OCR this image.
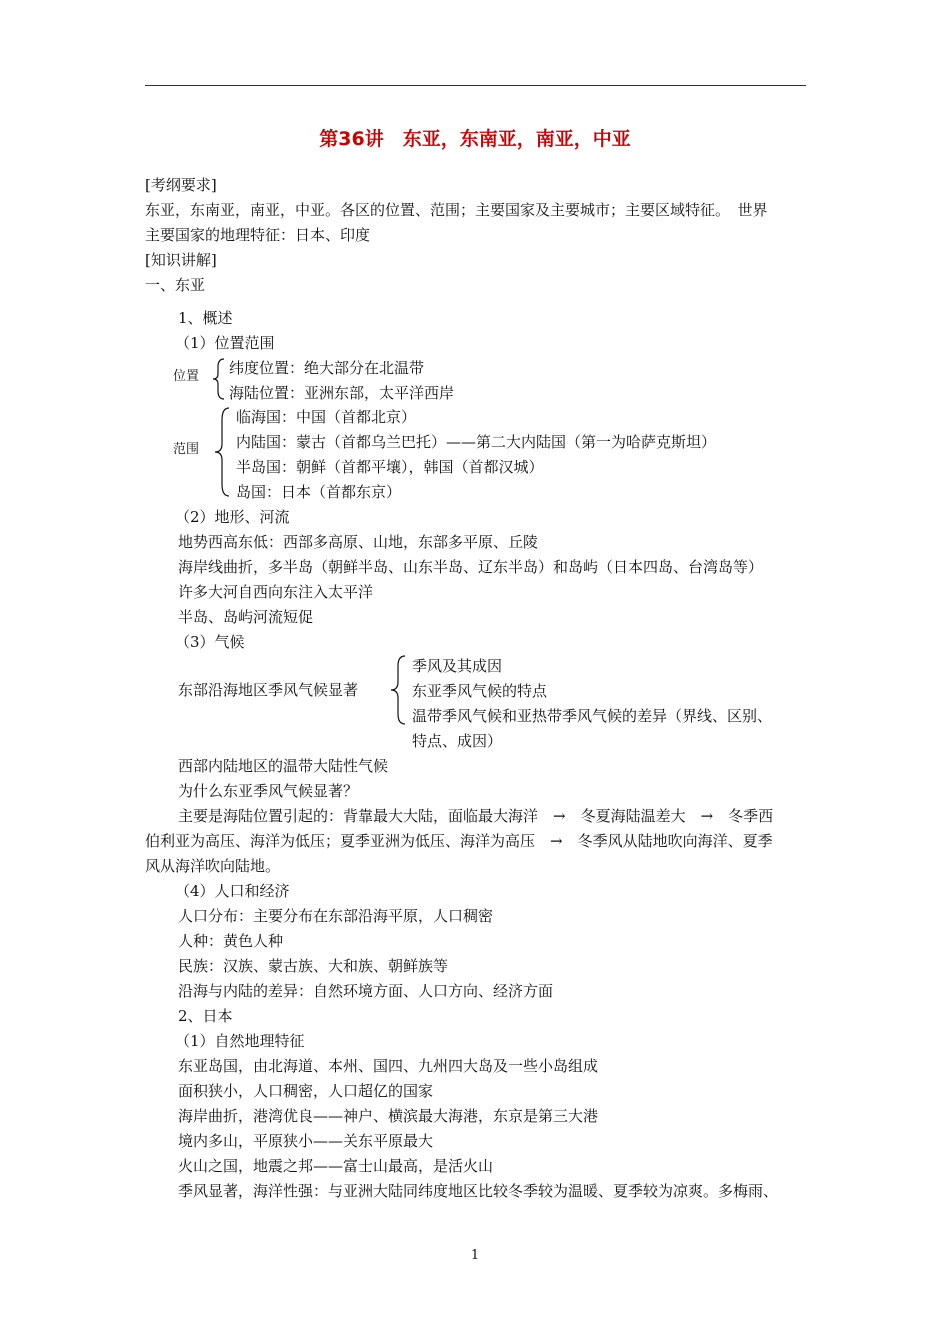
第36讲　东亚，东南亚，南亚，中亚
[考纲要求]
东亚，东南亚，南亚，中亚。各区的位置、范围；主要国家及主要城市；主要区域特征。　世界
主要国家的地理特征：日本、印度
[知识讲解]
一、东亚
1、概述
（1）位置范围
位置 纬度位置：绝大部分在北温带
海陆位置：亚洲东部，太平洋西岸
范围
临海国：中国（首都北京）
内陆国：蒙古（首都乌兰巴托）——第二大内陆国（第一为哈萨克斯坦）
半岛国：朝鲜（首都平壤），韩国（首都汉城）
岛国：日本（首都东京）
（2）地形、河流
地势西高东低：西部多高原、山地，东部多平原、丘陵
海岸线曲折，多半岛（朝鲜半岛、山东半岛、辽东半岛）和岛屿（日本四岛、台湾岛等）
许多大河自西向东注入太平洋
半岛、岛屿河流短促
（3）气候
东部沿海地区季风气候显著
季风及其成因
东亚季风气候的特点
温带季风气候和亚热带季风气候的差异（界线、区别、
特点、成因）
西部内陆地区的温带大陆性气候
为什么东亚季风气候显著？
主要是海陆位置引起的：背靠最大大陆，面临最大海洋　→　冬夏海陆温差大　→　冬季西
伯利亚为高压、海洋为低压；夏季亚洲为低压、海洋为高压　→　冬季风从陆地吹向海洋、夏季
风从海洋吹向陆地。
（4）人口和经济
人口分布：主要分布在东部沿海平原，人口稠密
人种：黄色人种
民族：汉族、蒙古族、大和族、朝鲜族等
沿海与内陆的差异：自然环境方面、人口方向、经济方面
2、日本
（1）自然地理特征
东亚岛国，由北海道、本州、国四、九州四大岛及一些小岛组成
面积狭小，人口稠密，人口超亿的国家
海岸曲折，港湾优良——神户、横滨最大海港，东京是第三大港
境内多山，平原狭小——关东平原最大
火山之国，地震之邦——富士山最高，是活火山
季风显著，海洋性强：与亚洲大陆同纬度地区比较冬季较为温暖、夏季较为凉爽。多梅雨、
1
